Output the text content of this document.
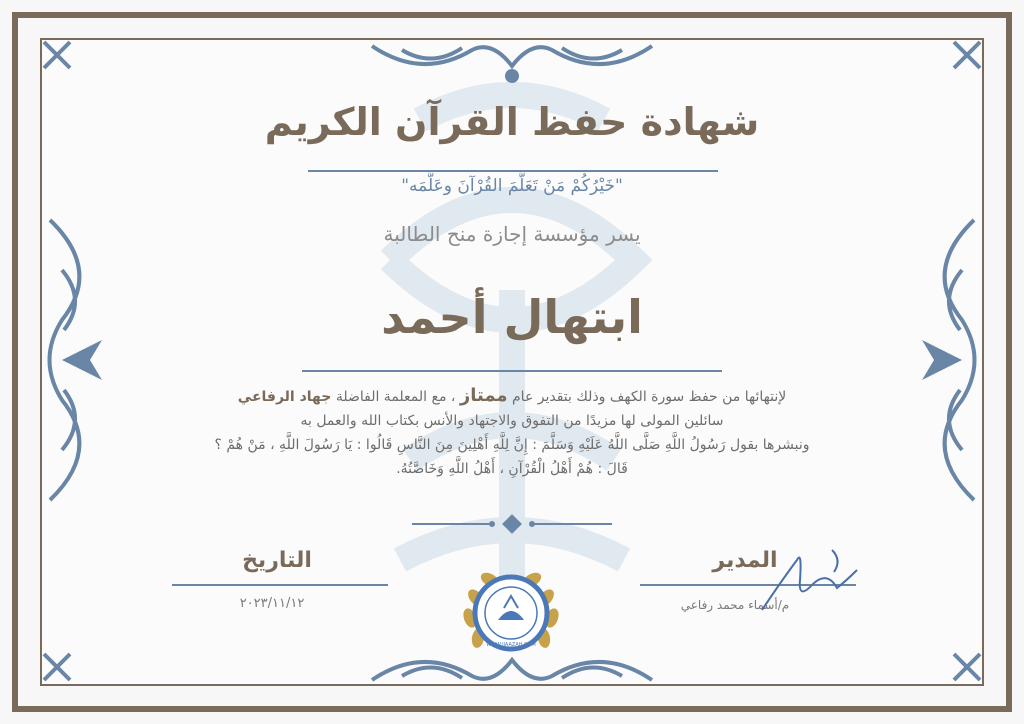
شهادة حفظ القرآن الكريم
"خَيْرُكُمْ مَنْ تَعَلَّمَ القُرْآنَ وعَلَّمَه"
يسر مؤسسة إجازة منح الطالبة
ابتهال أحمد
لإنتهائها من حفظ سورة الكهف وذلك بتقدير عام ممتاز ، مع المعلمة الفاضلة جهاد الرفاعي
سائلين المولى لها مزيدًا من التفوق والاجتهاد والأنس بكتاب الله والعمل به
ونبشرها بقول رَسُولُ اللَّهِ صَلَّى اللَّهُ عَلَيْهِ وَسَلَّمَ : إِنَّ لِلَّهِ أَهْلِينَ مِنَ النَّاسِ قَالُوا : يَا رَسُولَ اللَّهِ ، مَنْ هُمْ ؟
قَالَ : هُمْ أَهْلُ الْقُرْآنِ ، أَهْلُ اللَّهِ وَخَاصَّتُهُ.
التاريخ
٢٠٢٣/١١/١٢
المدير
م/أسماء محمد رفاعي
WWW.IJAAZAH.COM
